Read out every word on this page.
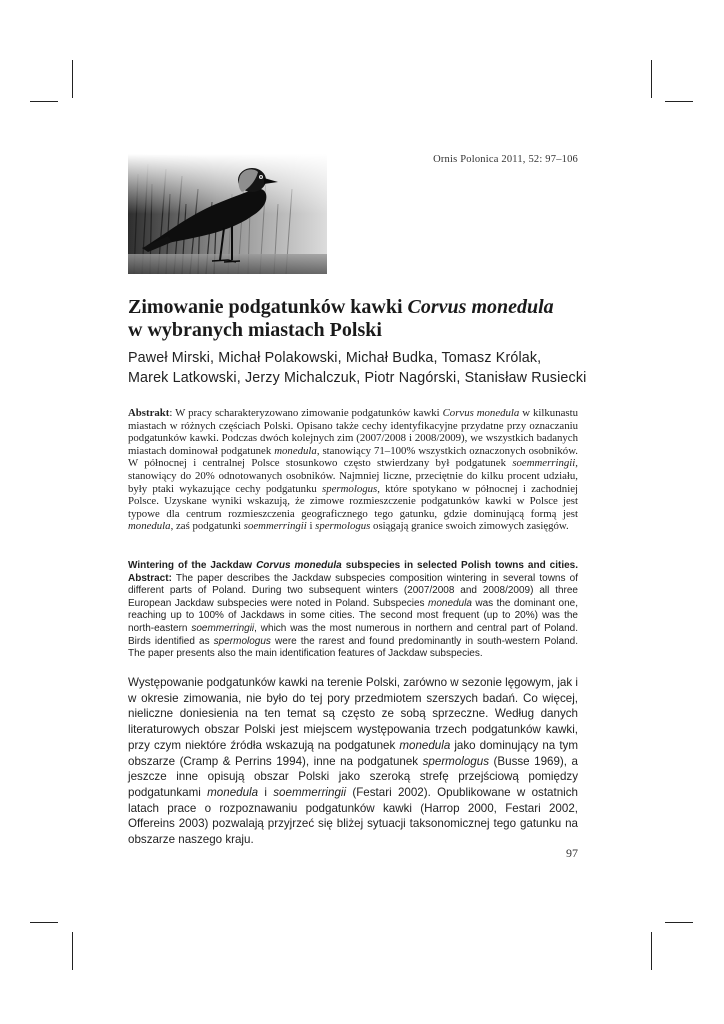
Ornis Polonica 2011, 52: 97–106
Zimowanie podgatunków kawki Corvus monedula
w wybranych miastach Polski
Paweł Mirski, Michał Polakowski, Michał Budka, Tomasz Królak,
Marek Latkowski, Jerzy Michalczuk, Piotr Nagórski, Stanisław Rusiecki
Abstrakt: W pracy scharakteryzowano zimowanie podgatunków kawki Corvus monedula w kilkunastu miastach w różnych częściach Polski. Opisano także cechy identyfikacyjne przydatne przy oznaczaniu podgatunków kawki. Podczas dwóch kolejnych zim (2007/2008 i 2008/2009), we wszystkich badanych miastach dominował podgatunek monedula, stanowiący 71–100% wszystkich oznaczonych osobników. W północnej i centralnej Polsce stosunkowo często stwierdzany był podgatunek soemmerringii, stanowiący do 20% odnotowanych osobników. Najmniej liczne, przeciętnie do kilku procent udziału, były ptaki wykazujące cechy podgatunku spermologus, które spotykano w północnej i zachodniej Polsce. Uzyskane wyniki wskazują, że zimowe rozmieszczenie podgatunków kawki w Polsce jest typowe dla centrum rozmieszczenia geograficznego tego gatunku, gdzie dominującą formą jest monedula, zaś podgatunki soemmerringii i spermologus osiągają granice swoich zimowych zasięgów.
Wintering of the Jackdaw Corvus monedula subspecies in selected Polish towns and cities. Abstract: The paper describes the Jackdaw subspecies composition wintering in several towns of different parts of Poland. During two subsequent winters (2007/2008 and 2008/2009) all three European Jackdaw subspecies were noted in Poland. Subspecies monedula was the dominant one, reaching up to 100% of Jackdaws in some cities. The second most frequent (up to 20%) was the north-eastern soemmerringii, which was the most numerous in northern and central part of Poland. Birds identified as spermologus were the rarest and found predominantly in south-western Poland. The paper presents also the main identification features of Jackdaw subspecies.
Występowanie podgatunków kawki na terenie Polski, zarówno w sezonie lęgowym, jak i w okresie zimowania, nie było do tej pory przedmiotem szerszych badań. Co więcej, nieliczne doniesienia na ten temat są często ze sobą sprzeczne. Według danych literaturowych obszar Polski jest miejscem występowania trzech podgatunków kawki, przy czym niektóre źródła wskazują na podgatunek monedula jako dominujący na tym obszarze (Cramp & Perrins 1994), inne na podgatunek spermologus (Busse 1969), a jeszcze inne opisują obszar Polski jako szeroką strefę przejściową pomiędzy podgatunkami monedula i soemmerringii (Festari 2002). Opublikowane w ostatnich latach prace o rozpoznawaniu podgatunków kawki (Harrop 2000, Festari 2002, Offereins 2003) pozwalają przyjrzeć się bliżej sytuacji taksonomicznej tego gatunku na obszarze naszego kraju.
97
